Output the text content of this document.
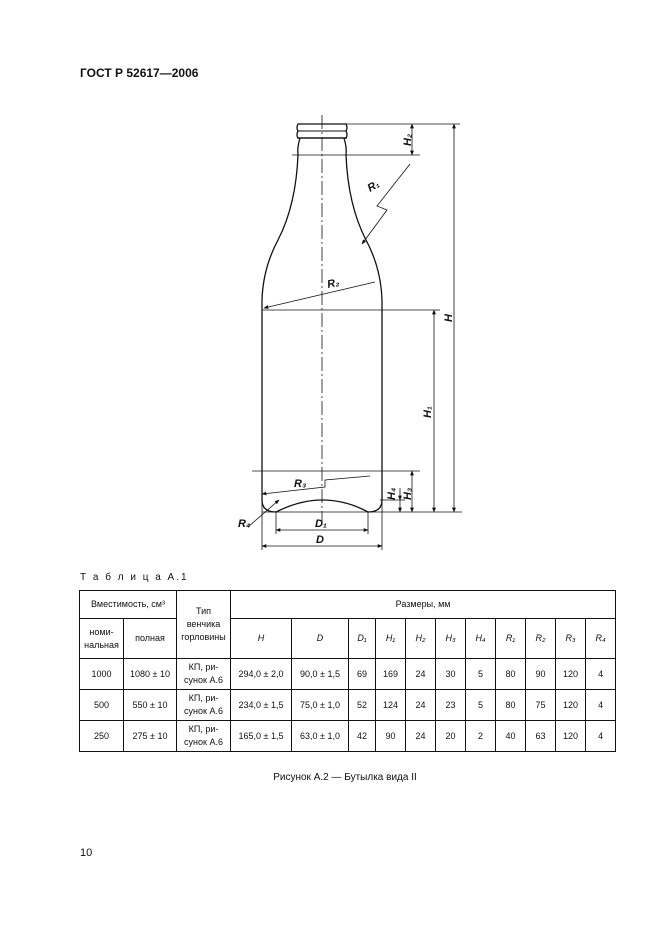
ГОСТ Р 52617—2006
H₂
R₁
R₂
H
H₁
R₃
H₄ H₃
R₄	D₁
D
Т а б л и ц а А.1
Вместимость, см³		Тип венчика горловины	Размеры, мм										
номи-нальная	полная		H	D	D₁	H₁	H₂	H₃	H₄	R₁	R₂	R₃	R₄
1000	1080 ± 10	КП, ри-сунок А.6	294,0 ± 2,0	90,0 ± 1,5	69	169	24	30	5	80	90	120	4
500	550 ± 10	КП, ри-сунок А.6	234,0 ± 1,5	75,0 ± 1,0	52	124	24	23	5	80	75	120	4
250	275 ± 10	КП, ри-сунок А.6	165,0 ± 1,5	63,0 ± 1,0	42	90	24	20	2	40	63	120	4
Рисунок А.2 — Бутылка вида II
10
